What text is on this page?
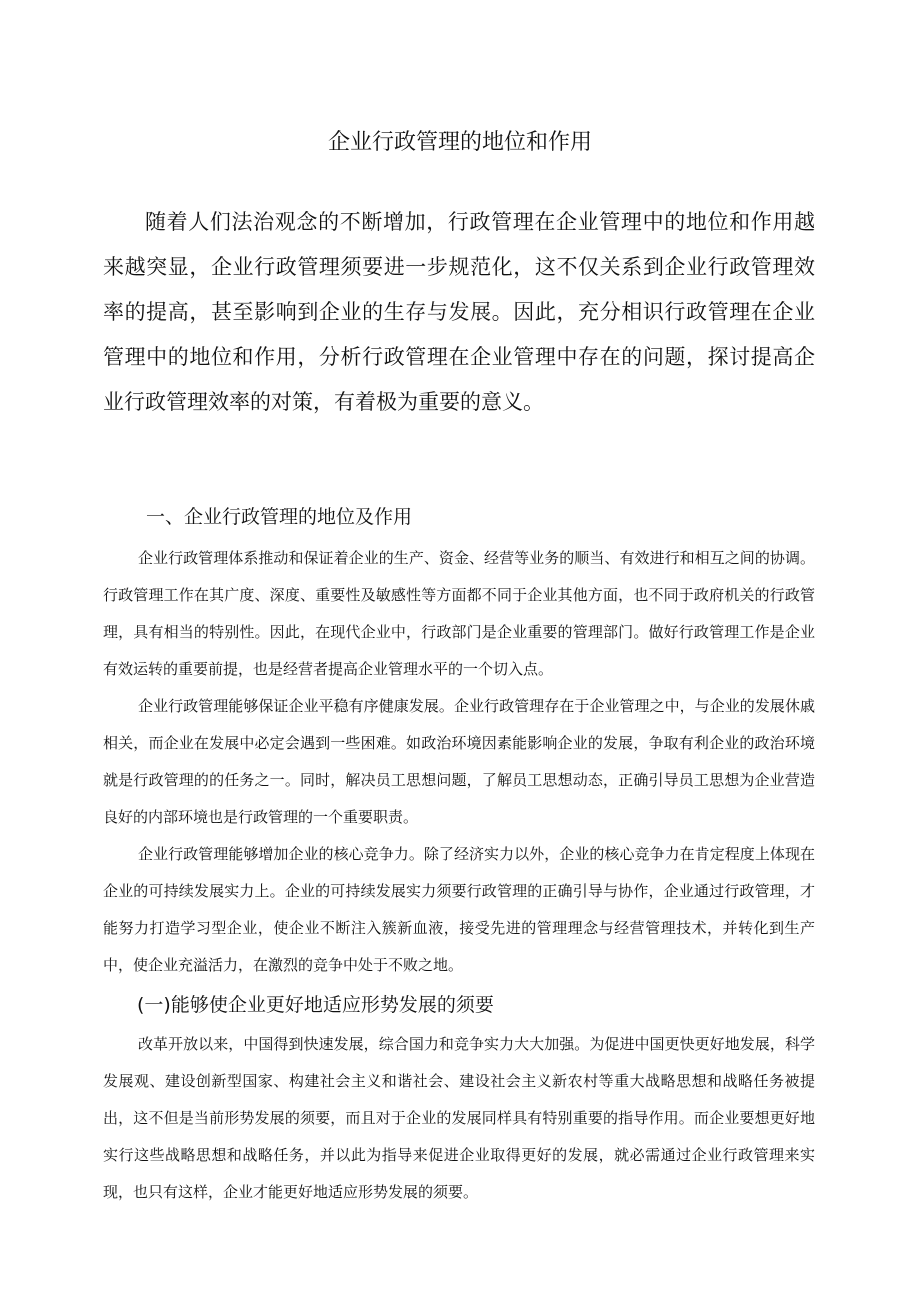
企业行政管理的地位和作用

随着人们法治观念的不断增加，行政管理在企业管理中的地位和作用越来越突显，企业行政管理须要进一步规范化，这不仅关系到企业行政管理效率的提高，甚至影响到企业的生存与发展。因此，充分相识行政管理在企业管理中的地位和作用，分析行政管理在企业管理中存在的问题，探讨提高企业行政管理效率的对策，有着极为重要的意义。

一、企业行政管理的地位及作用

企业行政管理体系推动和保证着企业的生产、资金、经营等业务的顺当、有效进行和相互之间的协调。行政管理工作在其广度、深度、重要性及敏感性等方面都不同于企业其他方面，也不同于政府机关的行政管理，具有相当的特别性。因此，在现代企业中，行政部门是企业重要的管理部门。做好行政管理工作是企业有效运转的重要前提，也是经营者提高企业管理水平的一个切入点。

企业行政管理能够保证企业平稳有序健康发展。企业行政管理存在于企业管理之中，与企业的发展休戚相关，而企业在发展中必定会遇到一些困难。如政治环境因素能影响企业的发展，争取有利企业的政治环境就是行政管理的的任务之一。同时，解决员工思想问题，了解员工思想动态，正确引导员工思想为企业营造良好的内部环境也是行政管理的一个重要职责。

企业行政管理能够增加企业的核心竞争力。除了经济实力以外，企业的核心竞争力在肯定程度上体现在企业的可持续发展实力上。企业的可持续发展实力须要行政管理的正确引导与协作，企业通过行政管理，才能努力打造学习型企业，使企业不断注入簇新血液，接受先进的管理理念与经营管理技术，并转化到生产中，使企业充溢活力，在激烈的竞争中处于不败之地。

(一)能够使企业更好地适应形势发展的须要

改革开放以来，中国得到快速发展，综合国力和竞争实力大大加强。为促进中国更快更好地发展，科学发展观、建设创新型国家、构建社会主义和谐社会、建设社会主义新农村等重大战略思想和战略任务被提出，这不但是当前形势发展的须要，而且对于企业的发展同样具有特别重要的指导作用。而企业要想更好地实行这些战略思想和战略任务，并以此为指导来促进企业取得更好的发展，就必需通过企业行政管理来实现，也只有这样，企业才能更好地适应形势发展的须要。
